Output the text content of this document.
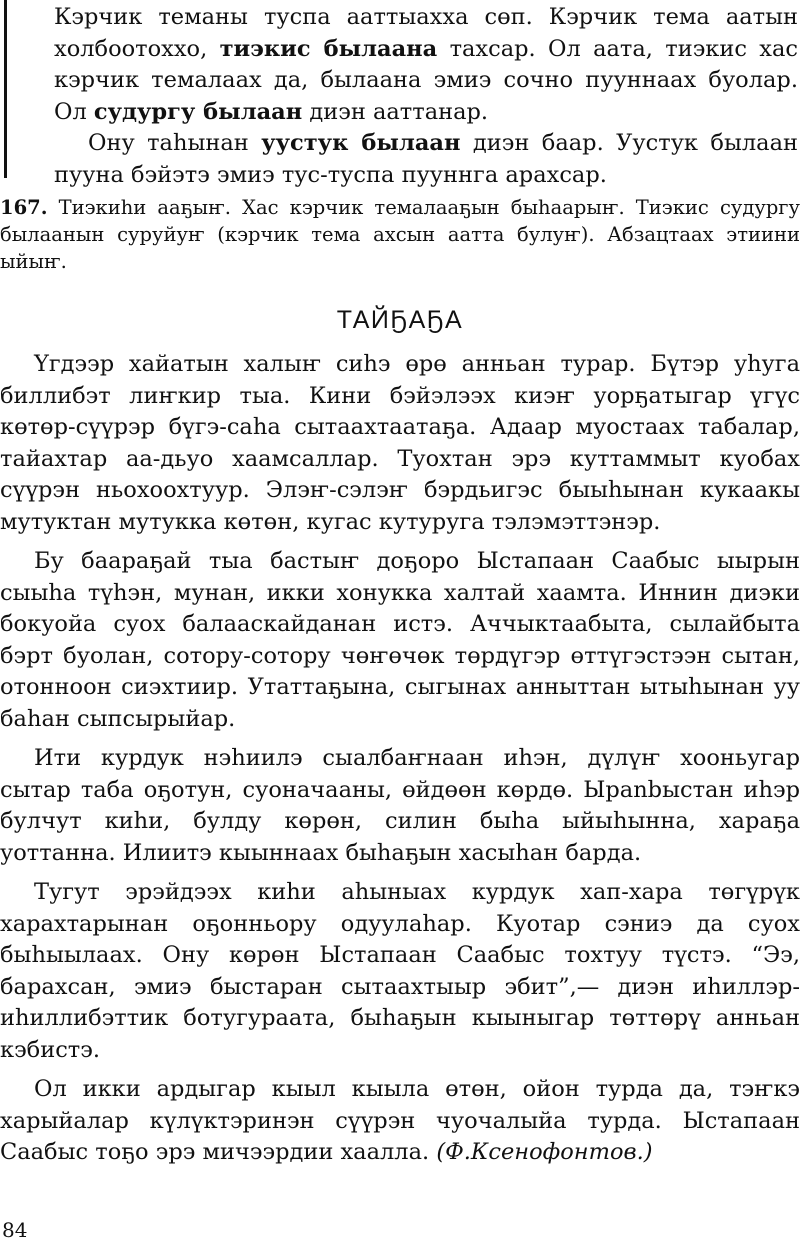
Кэрчик теманы туспа ааттыахха сөп. Кэрчик тема аатын холбоотохxo, тиэкис былаана тахсар. Ол аата, тиэкис хас кэрчик темалаах да, былаана эмиэ сочно пууннаах буолар. Ол судургу былаан диэн ааттанар.

Ону таhынан уустук былаан диэн баар. Уустук былаан пууна бэйэтэ эмиэ тус-туспа пууннга арахсар.

167. Тиэкиhи ааҕыҥ. Хас кэрчик темалааҕын быhаарыҥ. Тиэкис судургу былаанын суруйуҥ (кэрчик тема ахсын аатта булуҥ). Абзацтаах этиини ыйыҥ.

ТАЙҔАҔА

Үгдээр хайатын халыҥ сиhэ өрө анньан турар. Бүтэр уhуга биллибэт лиҥкир тыа. Кини бэйэлээх киэҥ уорҕатыгар үгүс көтөр-сүүрэр бүгэ-саhа сытаахтаатаҕа. Адаар муостаах табалар, тайахтар аа-дьуо хаамсаллар. Туохтан эрэ куттаммыт куобах сүүрэн ньохоохтуур. Элэҥ-сэлэҥ бэрдьигэс быыhынан кукаакы мутуктан мутукка көтөн, кугас кутуруга тэлэмэттэнэр.

Бу баараҕай тыа бастыҥ доҕоро Ыстапаан Саабыс ыырын сыыhа түhэн, мунан, икки хонукка халтай хаамта. Иннин диэки бокуойа суох балааскайданан истэ. Аччыктаабыта, сылайбыта бэрт буолан, сотору-сотору чөҥөчөк төрдүгэр өттүгэстээн сытан, отонноон сиэхтиир. Утаттаҕына, сыгынах анныттан ытыhынан уу баhан сыпсырыйар.

Ити курдук нэhиилэ сыалбаҥнаан иhэн, дүлүҥ хооньугар сытар таба оҕотун, суоначааны, өйдөөн көрдө. Ырanbыстан иhэр булчут киhи, булду көрөн, силин быhа ыйыhынна, хараҕа уоттанна. Илиитэ кыыннаах быhаҕын хасыhан барда.

Тугут эрэйдээх киhи аhыныах курдук хап-хара төгүрүк харахтарынан оҕонньору одуулаhар. Куотар сэниэ да суох быhыылаах. Ону көрөн Ыстапаан Саабыс тохтуу түстэ. “Ээ, барахсан, эмиэ быстаран сытаахтыыр эбит”,— диэн иhиллэр-иhиллибэттик ботугураата, быhаҕын кыыныгар төттөрү анньан кэбистэ.

Ол икки ардыгар кыыл кыыла өтөн, ойон турда да, тэҥкэ харыйалар күлүктэринэн сүүрэн чуочалыйа турда. Ыстапаан Саабыс тоҕо эрэ мичээрдии хаалла. (Ф.Ксенофонтов.)

84
